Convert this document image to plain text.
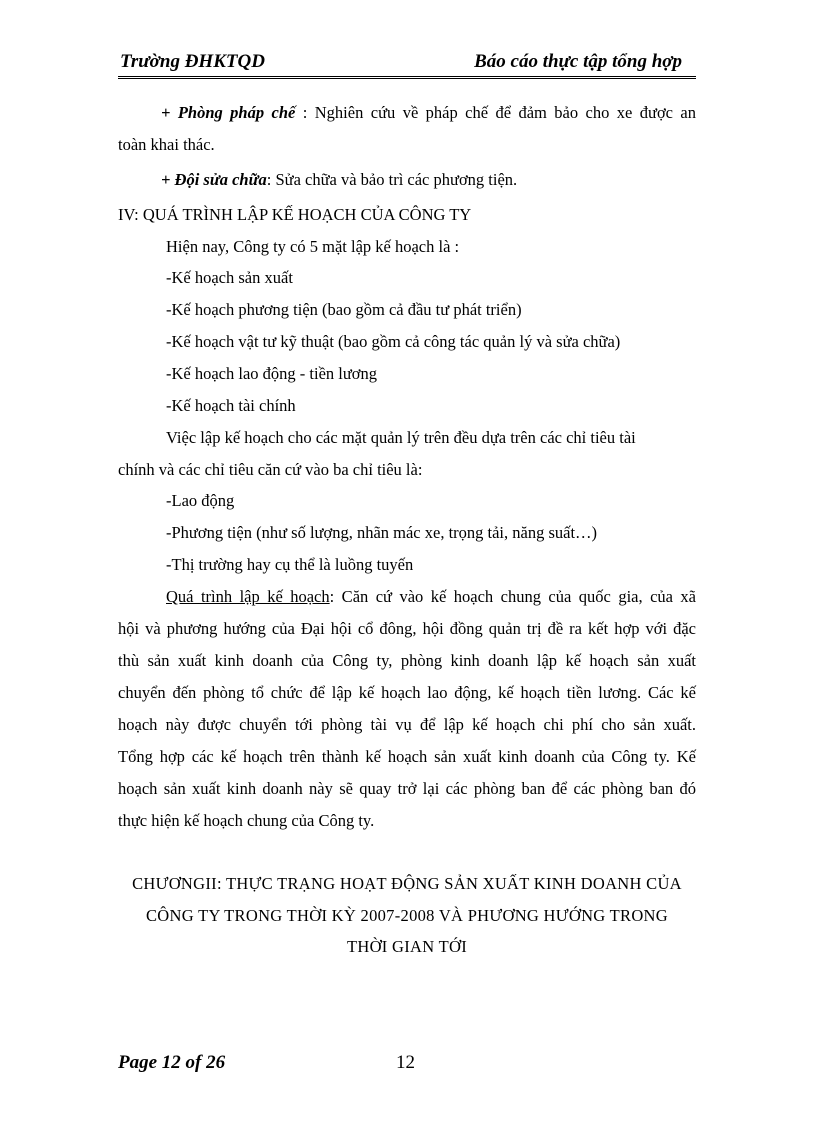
Trường ĐHKTQD	Báo cáo thực tập tổng hợp
+ Phòng pháp chế : Nghiên cứu về pháp chế để đảm bảo cho xe được an
toàn khai thác.
+ Đội sửa chữa: Sửa chữa và bảo trì các phương tiện.
IV: QUÁ TRÌNH LẬP KẾ HOẠCH CỦA CÔNG TY
Hiện nay, Công ty có 5 mặt lập kế hoạch là :
-Kế hoạch sản xuất
-Kế hoạch phương tiện (bao gồm cả đầu tư phát triển)
-Kế hoạch vật tư kỹ thuật (bao gồm cả công tác quản lý và sửa chữa)
-Kế hoạch lao động - tiền lương
-Kế hoạch tài chính
Việc lập kế hoạch cho các mặt quản lý trên đều dựa trên các chỉ tiêu tài
chính và các chỉ tiêu căn cứ vào ba chỉ tiêu là:
-Lao động
-Phương tiện (như số lượng, nhãn mác xe, trọng tải, năng suất…)
-Thị trường hay cụ thể là luồng tuyến
Quá trình lập kế hoạch: Căn cứ vào kế hoạch chung của quốc gia, của xã
hội và phương hướng của Đại hội cổ đông, hội đồng quản trị đề ra kết hợp với đặc
thù sản xuất kinh doanh của Công ty, phòng kinh doanh lập kế hoạch sản xuất
chuyển đến phòng tổ chức để lập kế hoạch lao động, kế hoạch tiền lương. Các kế
hoạch này được chuyển tới phòng tài vụ để lập kế hoạch chi phí cho sản xuất.
Tổng hợp các kế hoạch trên thành kế hoạch sản xuất kinh doanh của Công ty. Kế
hoạch sản xuất kinh doanh này sẽ quay trở lại các phòng ban để các phòng ban đó
thực hiện kế hoạch chung của Công ty.
CHƯƠNGII: THỰC TRẠNG HOẠT ĐỘNG SẢN XUẤT KINH DOANH CỦA
CÔNG TY TRONG THỜI KỲ 2007-2008 VÀ PHƯƠNG HƯỚNG TRONG
THỜI GIAN TỚI
Page 12 of 26	12
